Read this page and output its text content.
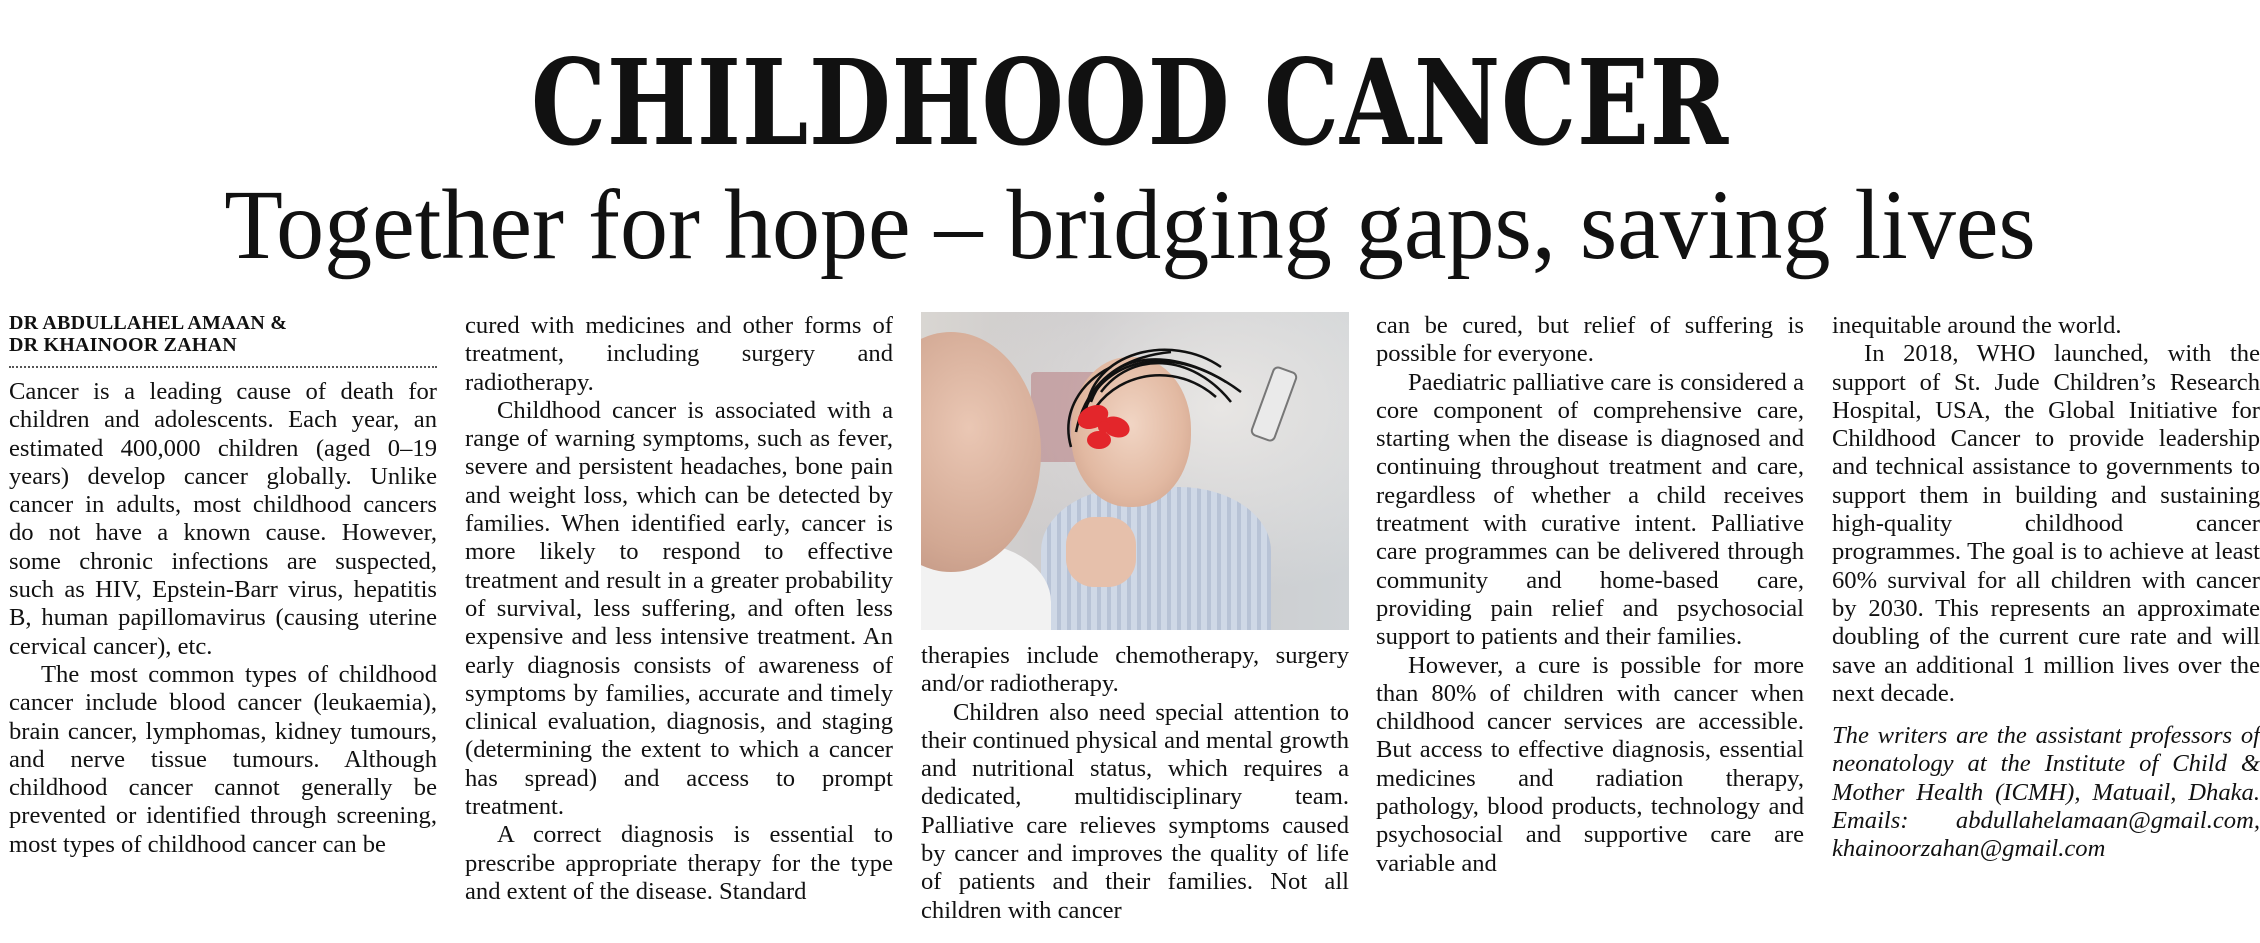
CHILDHOOD CANCER
Together for hope – bridging gaps, saving lives
DR ABDULLAHEL AMAAN &
DR KHAINOOR ZAHAN

Cancer is a leading cause of death for children and adolescents. Each year, an estimated 400,000 children (aged 0–19 years) develop cancer globally. Unlike cancer in adults, most childhood cancers do not have a known cause. However, some chronic infections are suspected, such as HIV, Epstein-Barr virus, hepatitis B, human papillomavirus (causing uterine cervical cancer), etc.

The most common types of childhood cancer include blood cancer (leukaemia), brain cancer, lymphomas, kidney tumours, and nerve tissue tumours. Although childhood cancer cannot generally be prevented or identified through screening, most types of childhood cancer can be

cured with medicines and other forms of treatment, including surgery and radiotherapy.

Childhood cancer is associated with a range of warning symptoms, such as fever, severe and persistent headaches, bone pain and weight loss, which can be detected by families. When identified early, cancer is more likely to respond to effective treatment and result in a greater probability of survival, less suffering, and often less expensive and less intensive treatment. An early diagnosis consists of awareness of symptoms by families, accurate and timely clinical evaluation, diagnosis, and staging (determining the extent to which a cancer has spread) and access to prompt treatment.

A correct diagnosis is essential to prescribe appropriate therapy for the type and extent of the disease. Standard

therapies include chemotherapy, surgery and/or radiotherapy.

Children also need special attention to their continued physical and mental growth and nutritional status, which requires a dedicated, multidisciplinary team. Palliative care relieves symptoms caused by cancer and improves the quality of life of patients and their families. Not all children with cancer

can be cured, but relief of suffering is possible for everyone.

Paediatric palliative care is considered a core component of comprehensive care, starting when the disease is diagnosed and continuing throughout treatment and care, regardless of whether a child receives treatment with curative intent. Palliative care programmes can be delivered through community and home-based care, providing pain relief and psychosocial support to patients and their families.

However, a cure is possible for more than 80% of children with cancer when childhood cancer services are accessible. But access to effective diagnosis, essential medicines and radiation therapy, pathology, blood products, technology and psychosocial and supportive care are variable and

inequitable around the world.

In 2018, WHO launched, with the support of St. Jude Children’s Research Hospital, USA, the Global Initiative for Childhood Cancer to provide leadership and technical assistance to governments to support them in building and sustaining high-quality childhood cancer programmes. The goal is to achieve at least 60% survival for all children with cancer by 2030. This represents an approximate doubling of the current cure rate and will save an additional 1 million lives over the next decade.

The writers are the assistant professors of neonatology at the Institute of Child & Mother Health (ICMH), Matuail, Dhaka. Emails: abdullahelamaan@gmail.com, khainoorzahan@gmail.com
